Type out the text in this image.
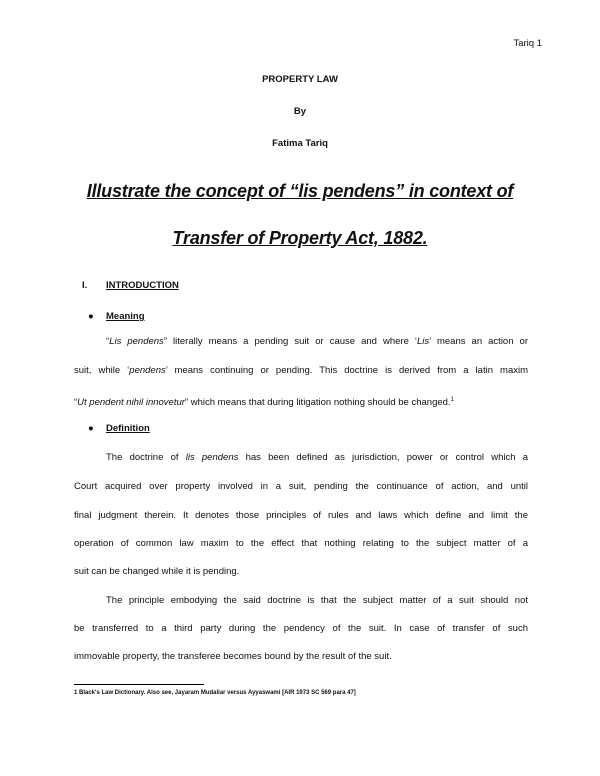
Tariq 1
PROPERTY LAW
By
Fatima Tariq
Illustrate the concept of “lis pendens” in context of
Transfer of Property Act, 1882.
I. INTRODUCTION
● Meaning
“Lis pendens” literally means a pending suit or cause and where ‘Lis’ means an action or
suit, while ‘pendens’ means continuing or pending. This doctrine is derived from a latin maxim
“Ut pendent nihil innovetur” which means that during litigation nothing should be changed.$^1$
● Definition
The doctrine of lis pendens has been defined as jurisdiction, power or control which a
Court acquired over property involved in a suit, pending the continuance of action, and until
final judgment therein. It denotes those principles of rules and laws which define and limit the
operation of common law maxim to the effect that nothing relating to the subject matter of a
suit can be changed while it is pending.
The principle embodying the said doctrine is that the subject matter of a suit should not
be transferred to a third party during the pendency of the suit. In case of transfer of such
immovable property, the transferee becomes bound by the result of the suit.
1 Black's Law Dictionary. Also see, Jayaram Mudaliar versus Ayyaswami [AIR 1973 SC 569 para 47]
